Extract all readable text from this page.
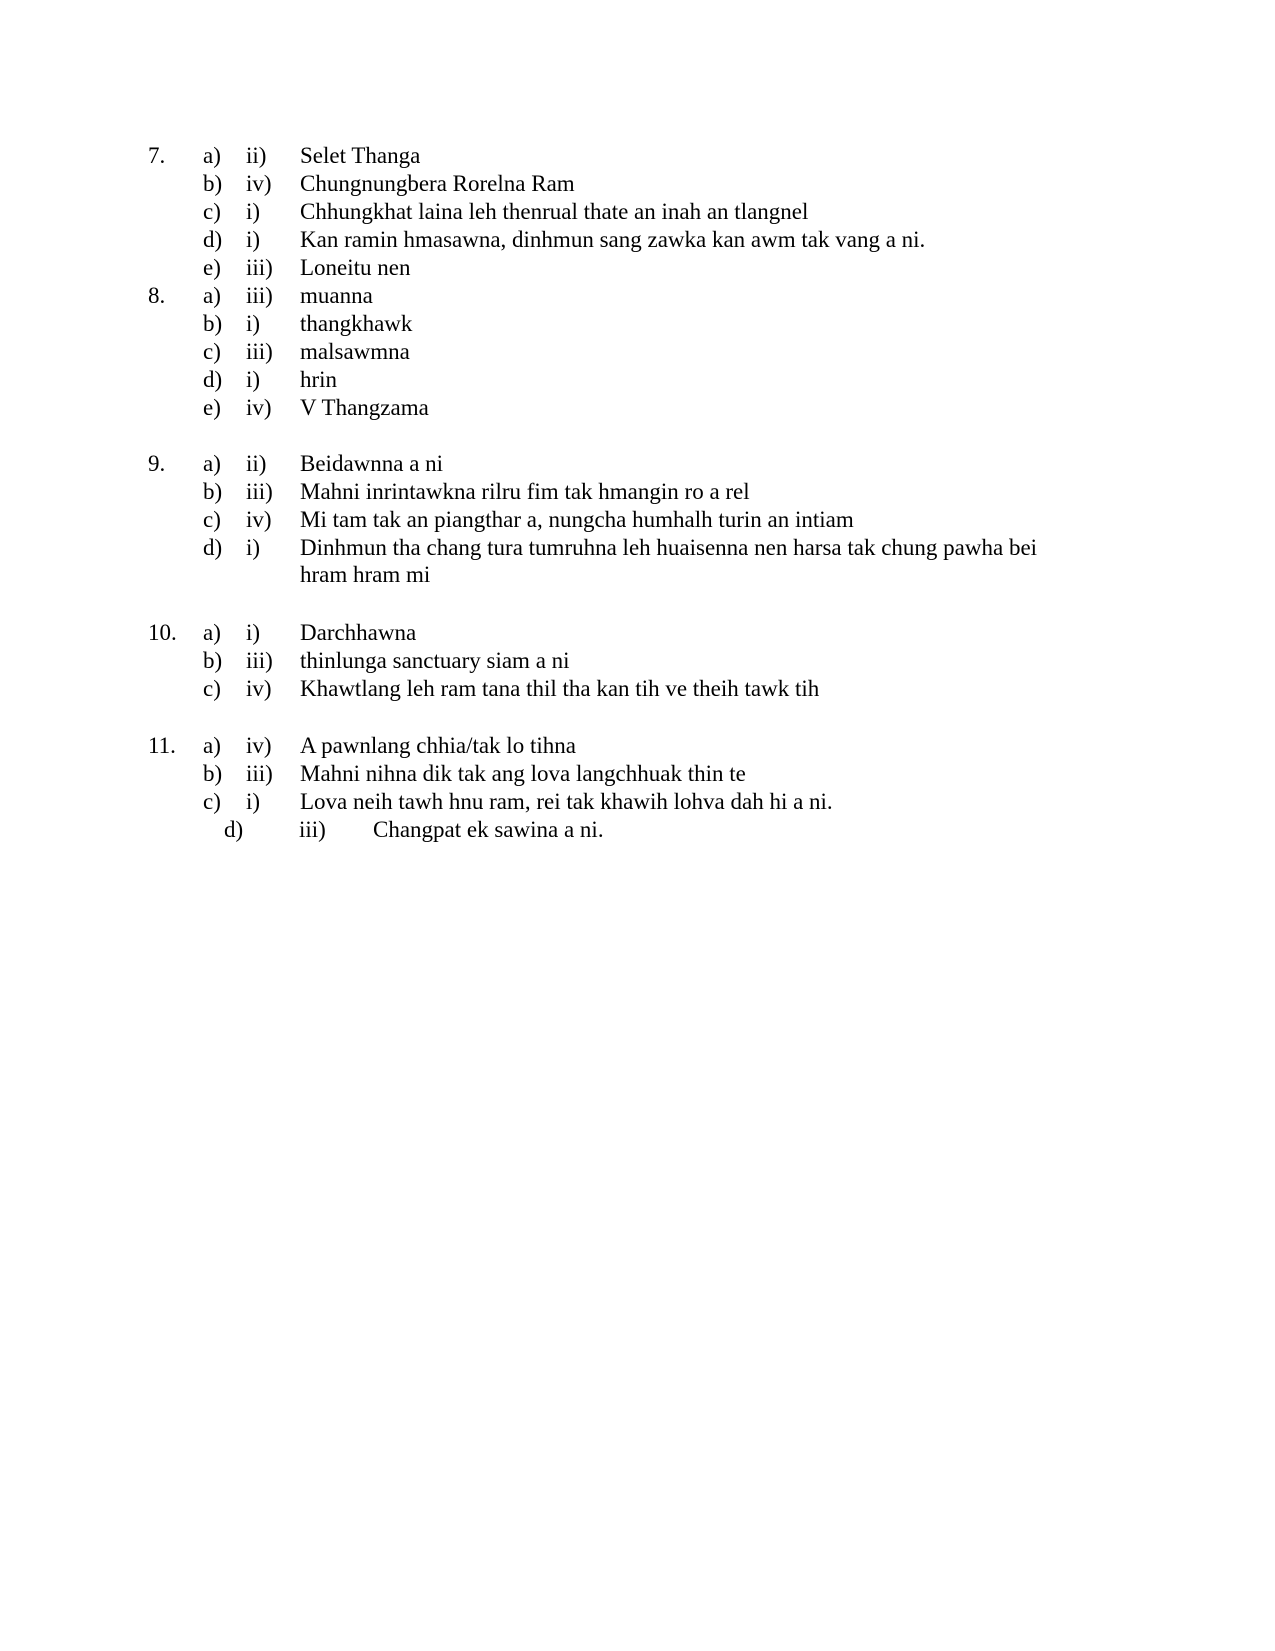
7. a) ii) Selet Thanga
b) iv) Chungnungbera Rorelna Ram
c) i) Chhungkhat laina leh thenrual thate an inah an tlangnel
d) i) Kan ramin hmasawna, dinhmun sang zawka kan awm tak vang a ni.
e) iii) Loneitu nen
8. a) iii) muanna
b) i) thangkhawk
c) iii) malsawmna
d) i) hrin
e) iv) V Thangzama
9. a) ii) Beidawnna a ni
b) iii) Mahni inrintawkna rilru fim tak hmangin ro a rel
c) iv) Mi tam tak an piangthar a, nungcha humhalh turin an intiam
d) i) Dinhmun tha chang tura tumruhna leh huaisenna nen harsa tak chung pawha bei
hram hram mi
10. a) i) Darchhawna
b) iii) thinlunga sanctuary siam a ni
c) iv) Khawtlang leh ram tana thil tha kan tih ve theih tawk tih
11. a) iv) A pawnlang chhia/tak lo tihna
b) iii) Mahni nihna dik tak ang lova langchhuak thin te
c) i) Lova neih tawh hnu ram, rei tak khawih lohva dah hi a ni.
d) iii) Changpat ek sawina a ni.
